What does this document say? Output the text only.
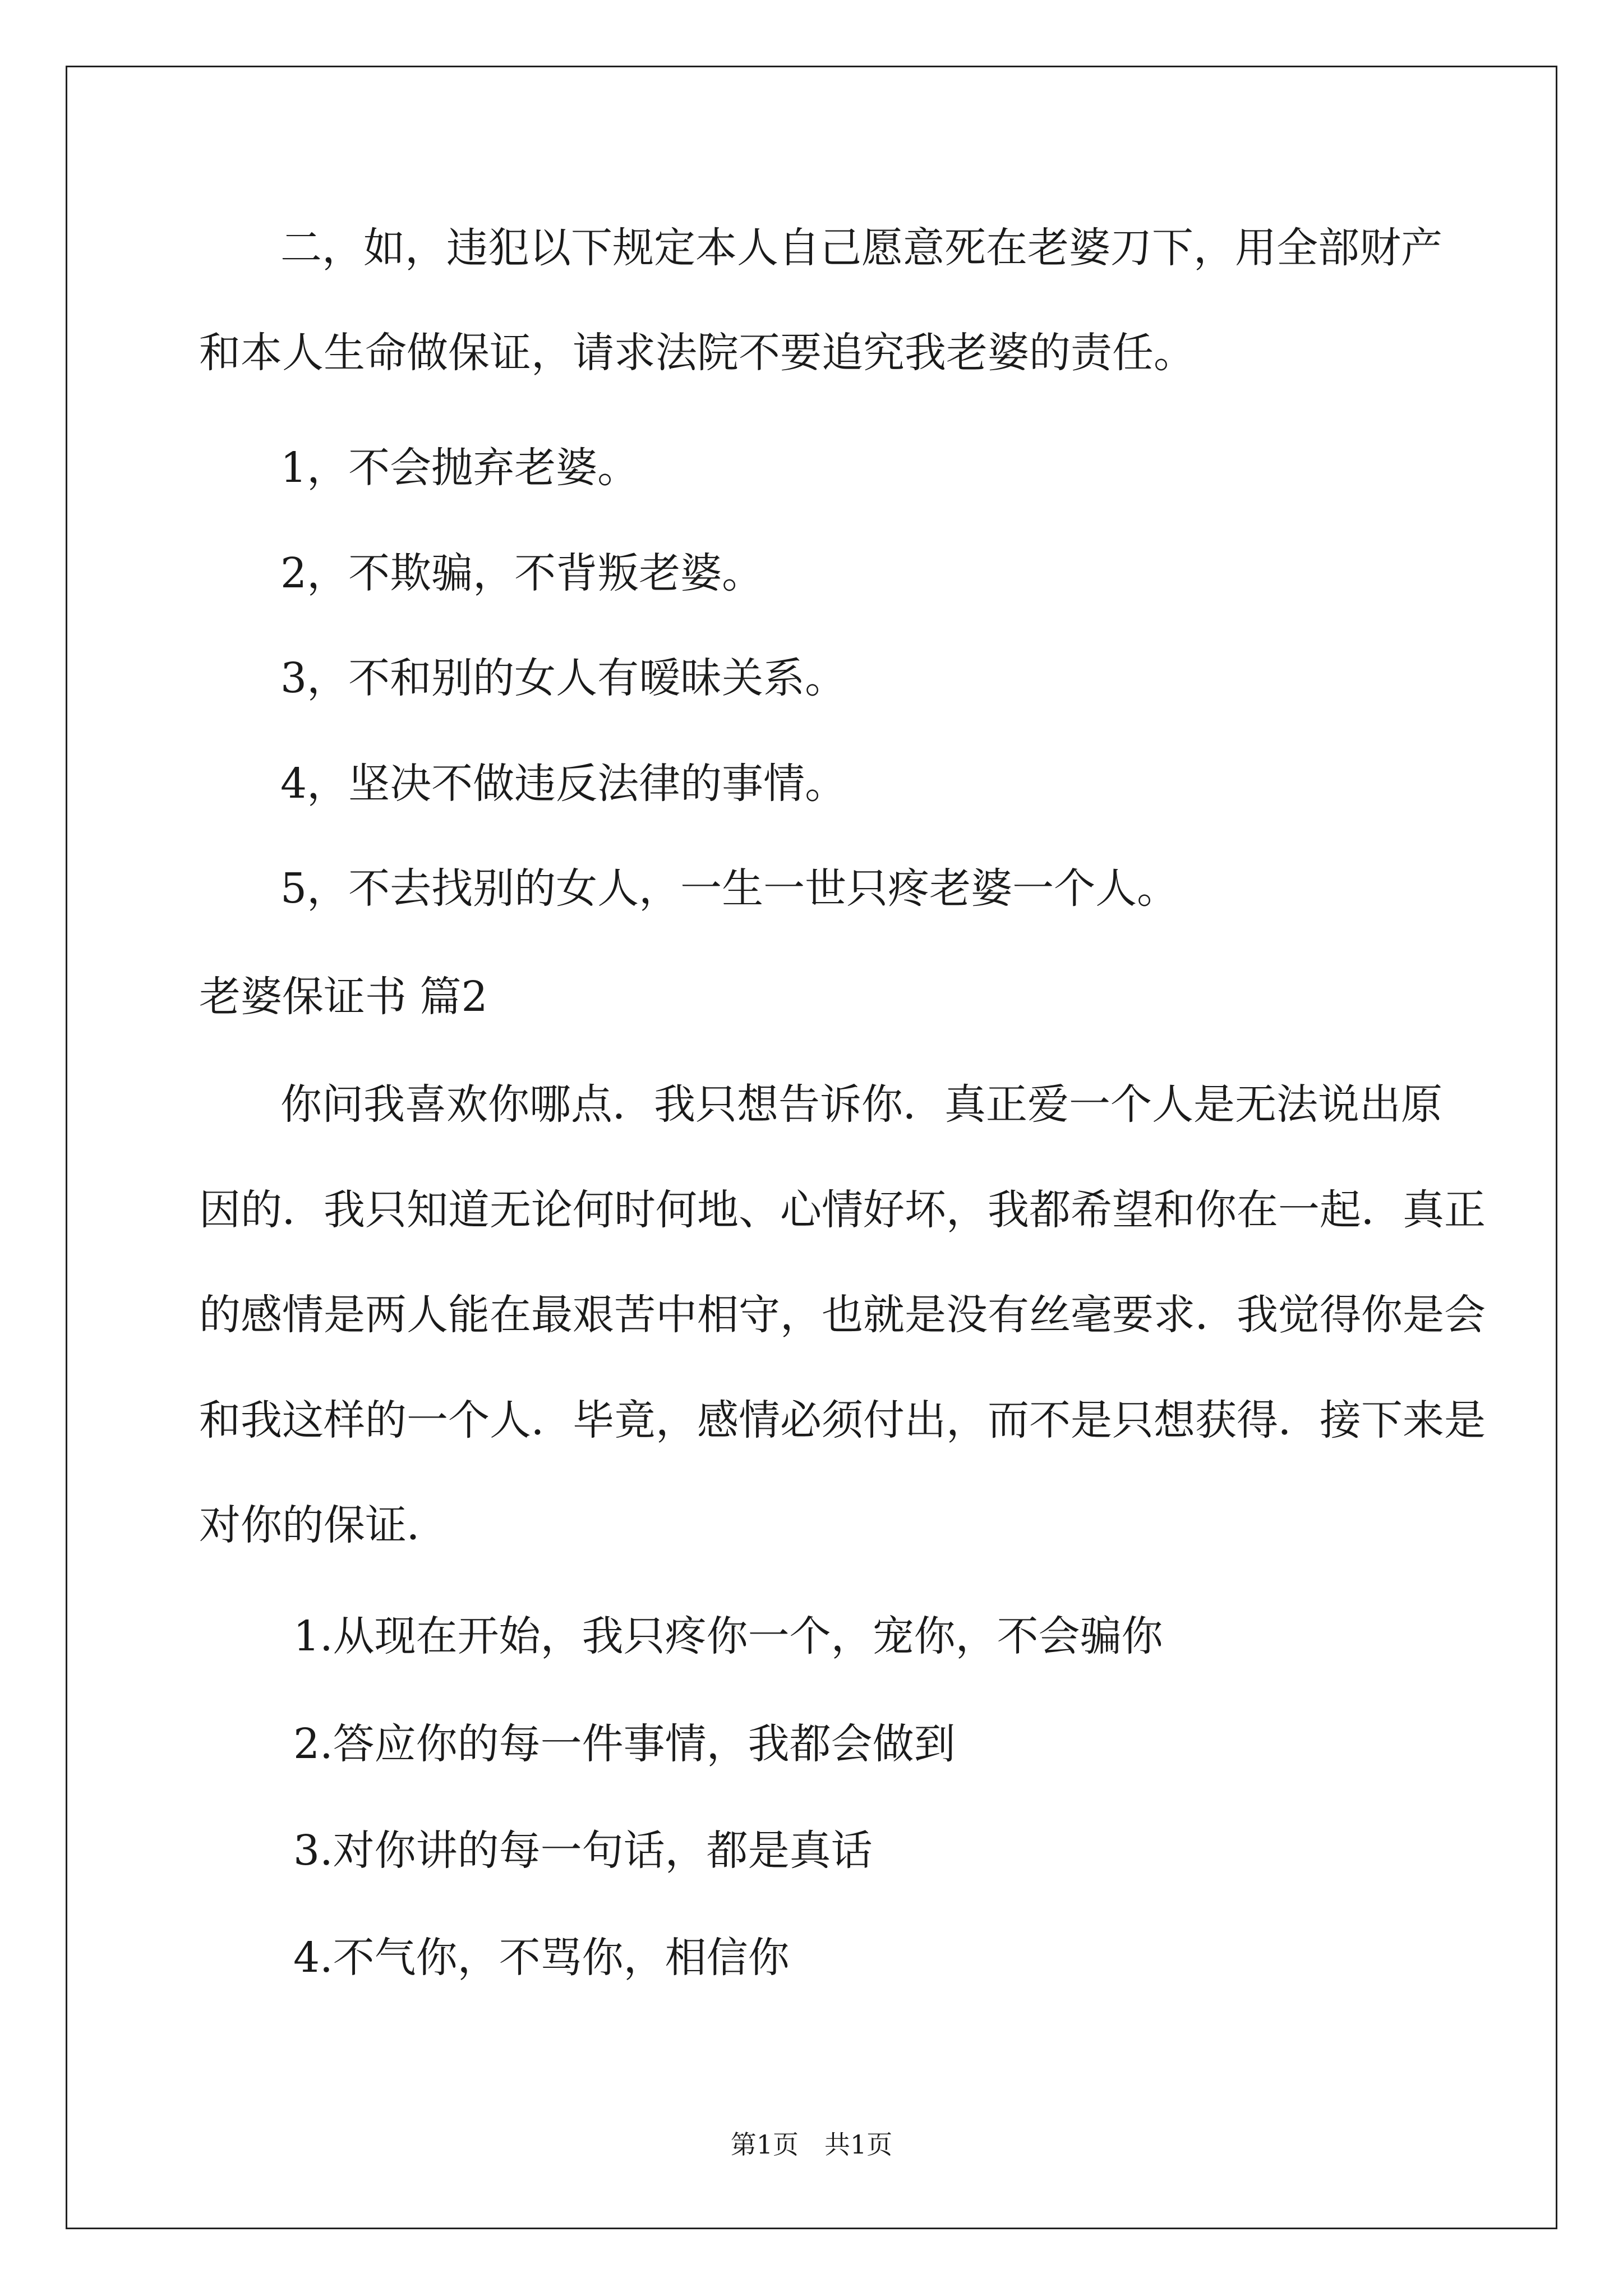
二，如，违犯以下规定本人自己愿意死在老婆刀下，用全部财产
和本人生命做保证，请求法院不要追究我老婆的责任。
1，不会抛弃老婆。
2，不欺骗，不背叛老婆。
3，不和别的女人有暧昧关系。
4，坚决不做违反法律的事情。
5，不去找别的女人，一生一世只疼老婆一个人。
老婆保证书 篇2
你问我喜欢你哪点．我只想告诉你．真正爱一个人是无法说出原
因的．我只知道无论何时何地、心情好坏，我都希望和你在一起．真正
的感情是两人能在最艰苦中相守，也就是没有丝毫要求．我觉得你是会
和我这样的一个人．毕竟，感情必须付出，而不是只想获得．接下来是
对你的保证．
1.从现在开始，我只疼你一个，宠你，不会骗你
2.答应你的每一件事情，我都会做到
3.对你讲的每一句话，都是真话
4.不气你，不骂你，相信你
第1页　共1页
